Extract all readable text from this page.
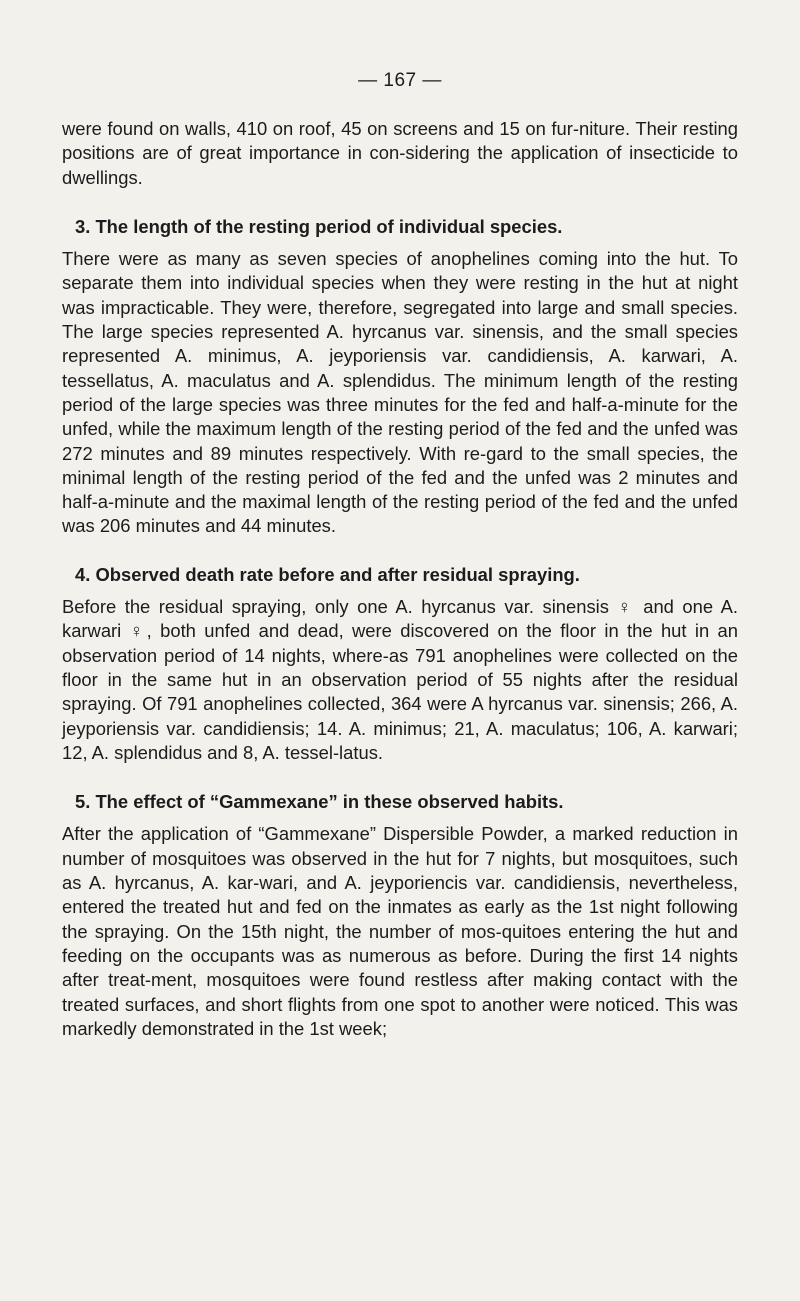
— 167 —

were found on walls, 410 on roof, 45 on screens and 15 on fur-niture. Their resting positions are of great importance in con-sidering the application of insecticide to dwellings.

3. The length of the resting period of individual species.

There were as many as seven species of anophelines coming into the hut. To separate them into individual species when they were resting in the hut at night was impracticable. They were, therefore, segregated into large and small species. The large species represented A. hyrcanus var. sinensis, and the small species represented A. minimus, A. jeyporiensis var. candidiensis, A. karwari, A. tessellatus, A. maculatus and A. splendidus. The minimum length of the resting period of the large species was three minutes for the fed and half-a-minute for the unfed, while the maximum length of the resting period of the fed and the unfed was 272 minutes and 89 minutes respectively. With re-gard to the small species, the minimal length of the resting period of the fed and the unfed was 2 minutes and half-a-minute and the maximal length of the resting period of the fed and the unfed was 206 minutes and 44 minutes.

4. Observed death rate before and after residual spraying.

Before the residual spraying, only one A. hyrcanus var. sinensis ♀ and one A. karwari ♀, both unfed and dead, were discovered on the floor in the hut in an observation period of 14 nights, where-as 791 anophelines were collected on the floor in the same hut in an observation period of 55 nights after the residual spraying. Of 791 anophelines collected, 364 were A hyrcanus var. sinensis; 266, A. jeyporiensis var. candidiensis; 14. A. minimus; 21, A. maculatus; 106, A. karwari; 12, A. splendidus and 8, A. tessel-latus.

5. The effect of “Gammexane” in these observed habits.

After the application of “Gammexane” Dispersible Powder, a marked reduction in number of mosquitoes was observed in the hut for 7 nights, but mosquitoes, such as A. hyrcanus, A. kar-wari, and A. jeyporiencis var. candidiensis, nevertheless, entered the treated hut and fed on the inmates as early as the 1st night following the spraying. On the 15th night, the number of mos-quitoes entering the hut and feeding on the occupants was as numerous as before. During the first 14 nights after treat-ment, mosquitoes were found restless after making contact with the treated surfaces, and short flights from one spot to another were noticed. This was markedly demonstrated in the 1st week;
